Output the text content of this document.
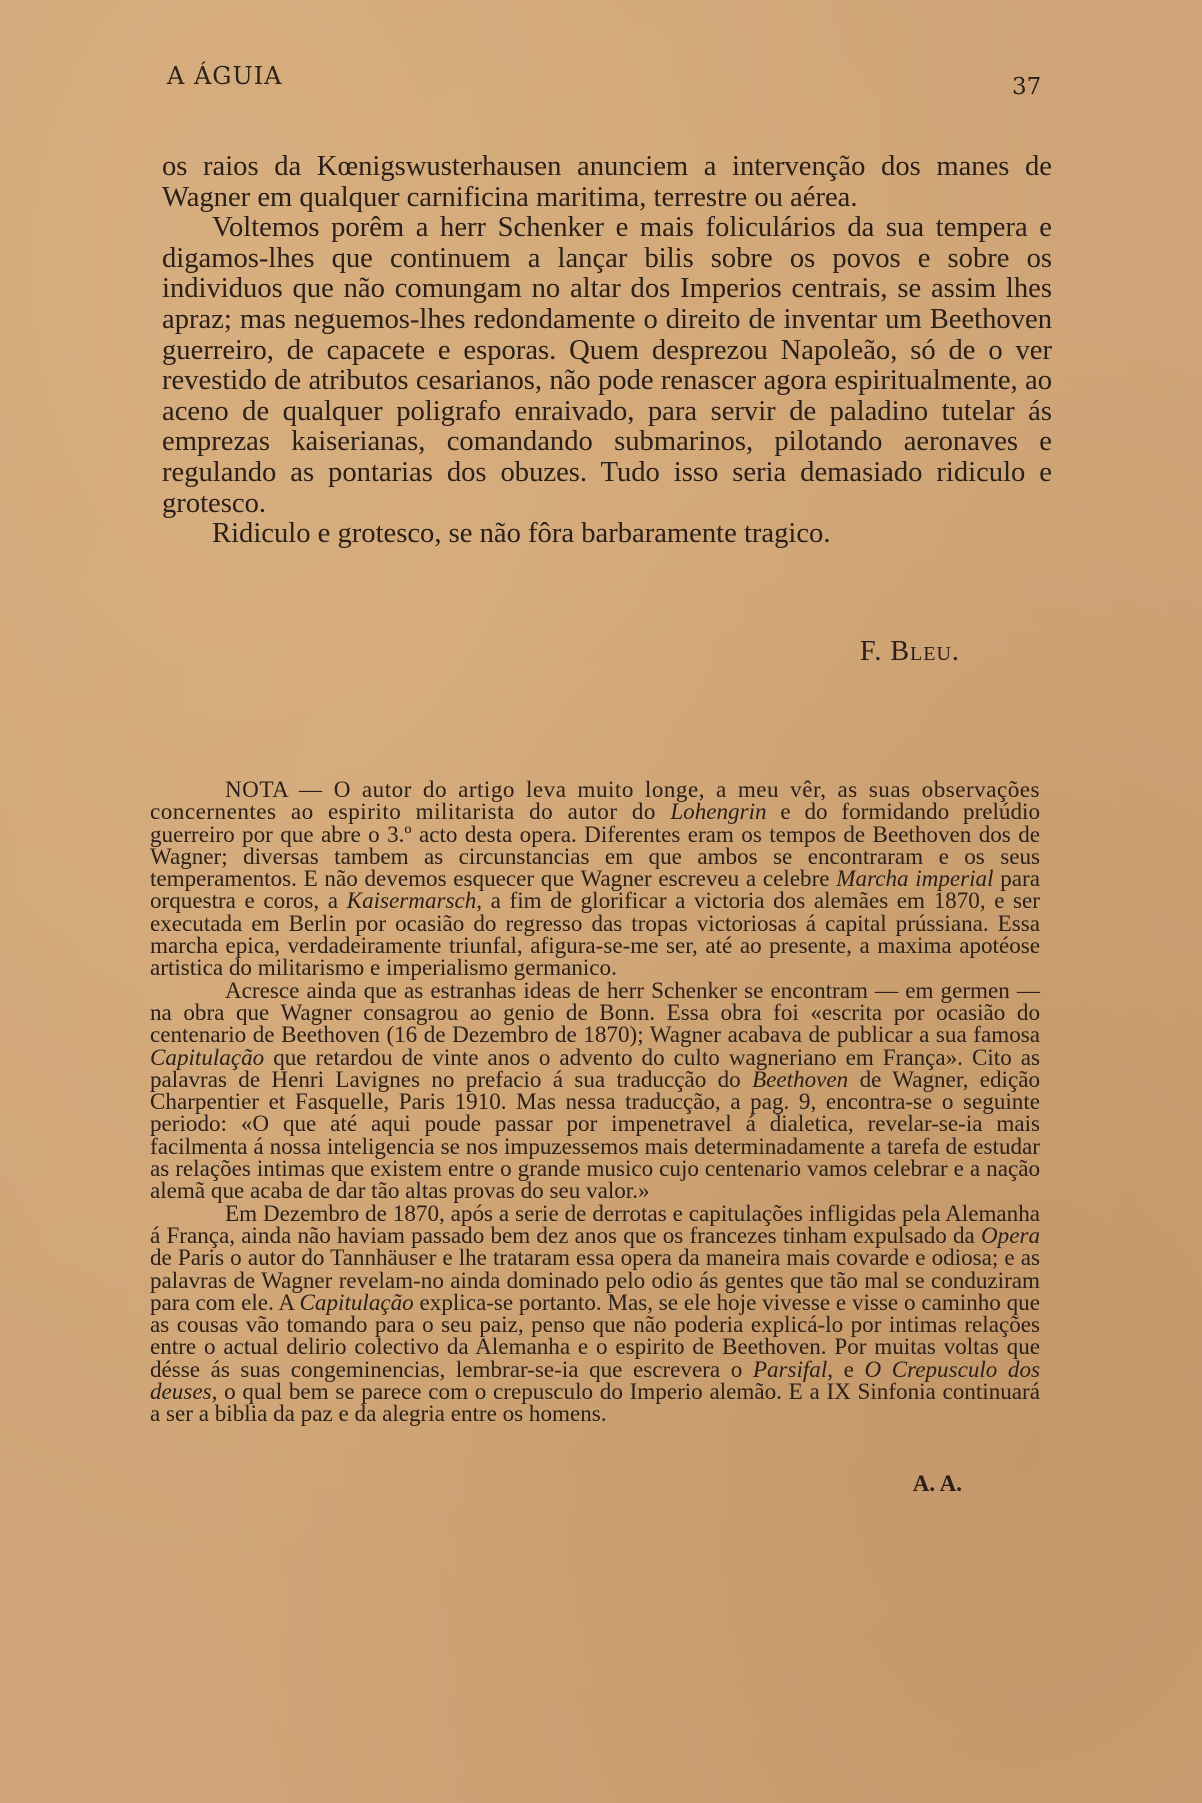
A ÁGUIA	37

os raios da Kœnigswusterhausen anunciem a intervenção dos manes de Wagner em qualquer carnificina maritima, terrestre ou aérea.

Voltemos porêm a herr Schenker e mais foliculários da sua tempera e digamos-lhes que continuem a lançar bilis sobre os povos e sobre os individuos que não comungam no altar dos Imperios centrais, se assim lhes apraz; mas neguemos-lhes redondamente o direito de inventar um Beethoven guerreiro, de capacete e esporas. Quem desprezou Napoleão, só de o ver revestido de atributos cesarianos, não pode renascer agora espiritualmente, ao aceno de qualquer poligrafo enraivado, para servir de paladino tutelar ás emprezas kaiserianas, comandando submarinos, pilotando aeronaves e regulando as pontarias dos obuzes. Tudo isso seria demasiado ridiculo e grotesco.

Ridiculo e grotesco, se não fôra barbaramente tragico.

F. Bleu.

NOTA — O autor do artigo leva muito longe, a meu vêr, as suas observações concernentes ao espirito militarista do autor do Lohengrin e do formidando prelúdio guerreiro por que abre o 3.º acto desta opera. Diferentes eram os tempos de Beethoven dos de Wagner; diversas tambem as circunstancias em que ambos se encontraram e os seus temperamentos. E não devemos esquecer que Wagner escreveu a celebre Marcha imperial para orquestra e coros, a Kaisermarsch, a fim de glorificar a victoria dos alemães em 1870, e ser executada em Berlin por ocasião do regresso das tropas victoriosas á capital prússiana. Essa marcha epica, verdadeiramente triunfal, afigura-se-me ser, até ao presente, a maxima apotéose artistica do militarismo e imperialismo germanico.

Acresce ainda que as estranhas ideas de herr Schenker se encontram — em germen — na obra que Wagner consagrou ao genio de Bonn. Essa obra foi «escrita por ocasião do centenario de Beethoven (16 de Dezembro de 1870); Wagner acabava de publicar a sua famosa Capitulação que retardou de vinte anos o advento do culto wagneriano em França». Cito as palavras de Henri Lavignes no prefacio á sua traducção do Beethoven de Wagner, edição Charpentier et Fasquelle, Paris 1910. Mas nessa traducção, a pag. 9, encontra-se o seguinte periodo: «O que até aqui poude passar por impenetravel á dialetica, revelar-se-ia mais facilmenta á nossa inteligencia se nos impuzessemos mais determinadamente a tarefa de estudar as relações intimas que existem entre o grande musico cujo centenario vamos celebrar e a nação alemã que acaba de dar tão altas provas do seu valor.»

Em Dezembro de 1870, após a serie de derrotas e capitulações infligidas pela Alemanha á França, ainda não haviam passado bem dez anos que os francezes tinham expulsado da Opera de Paris o autor do Tannhäuser e lhe trataram essa opera da maneira mais covarde e odiosa; e as palavras de Wagner revelam-no ainda dominado pelo odio ás gentes que tão mal se conduziram para com ele. A Capitulação explica-se portanto. Mas, se ele hoje vivesse e visse o caminho que as cousas vão tomando para o seu paiz, penso que não poderia explicá-lo por intimas relações entre o actual delirio colectivo da Alemanha e o espirito de Beethoven. Por muitas voltas que désse ás suas congeminencias, lembrar-se-ia que escrevera o Parsifal, e O Crepusculo dos deuses, o qual bem se parece com o crepusculo do Imperio alemão. E a IX Sinfonia continuará a ser a biblia da paz e da alegria entre os homens.

A. A.
